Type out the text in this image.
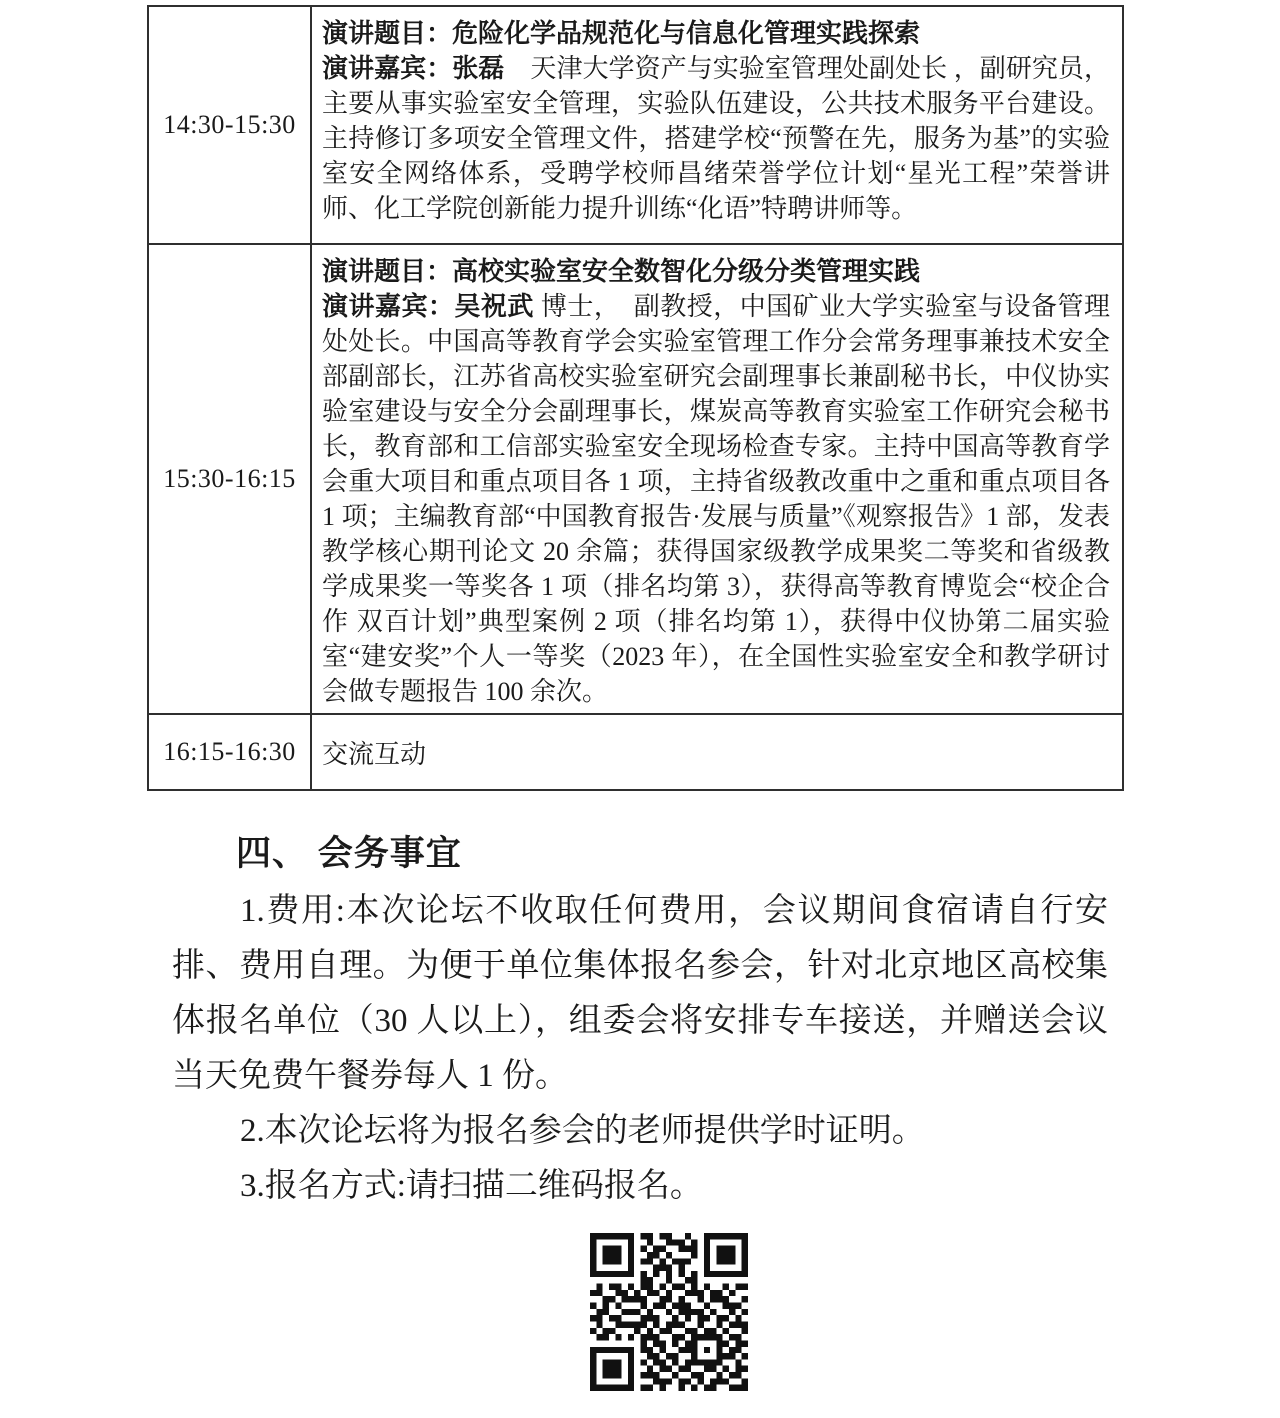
14:30-15:30	演讲题目：危险化学品规范化与信息化管理实践探索

演讲嘉宾：张磊　天津大学资产与实验室管理处副处长 ，副研究员， 主要从事实验室安全管理，实验队伍建设，公共技术服务平台建设。主持修订多项安全管理文件，搭建学校“预警在先，服务为基”的实验室安全网络体系，受聘学校师昌绪荣誉学位计划“星光工程”荣誉讲师、化工学院创新能力提升训练“化语”特聘讲师等。

15:30-16:15	演讲题目：高校实验室安全数智化分级分类管理实践

演讲嘉宾：吴祝武 博士，　副教授，中国矿业大学实验室与设备管理处处长。中国高等教育学会实验室管理工作分会常务理事兼技术安全部副部长，江苏省高校实验室研究会副理事长兼副秘书长，中仪协实验室建设与安全分会副理事长，煤炭高等教育实验室工作研究会秘书长，教育部和工信部实验室安全现场检查专家。主持中国高等教育学会重大项目和重点项目各 1 项，主持省级教改重中之重和重点项目各 1 项；主编教育部“中国教育报告·发展与质量”《观察报告》1 部，发表教学核心期刊论文 20 余篇；获得国家级教学成果奖二等奖和省级教学成果奖一等奖各 1 项（排名均第 3），获得高等教育博览会“校企合作 双百计划”典型案例 2 项（排名均第 1），获得中仪协第二届实验室“建安奖”个人一等奖（2023 年），在全国性实验室安全和教学研讨会做专题报告 100 余次。

16:15-16:30	交流互动
四、 会务事宜

1.费用:本次论坛不收取任何费用，会议期间食宿请自行安排、费用自理。为便于单位集体报名参会，针对北京地区高校集体报名单位（30 人以上），组委会将安排专车接送，并赠送会议当天免费午餐券每人 1 份。

2.本次论坛将为报名参会的老师提供学时证明。

3.报名方式:请扫描二维码报名。
